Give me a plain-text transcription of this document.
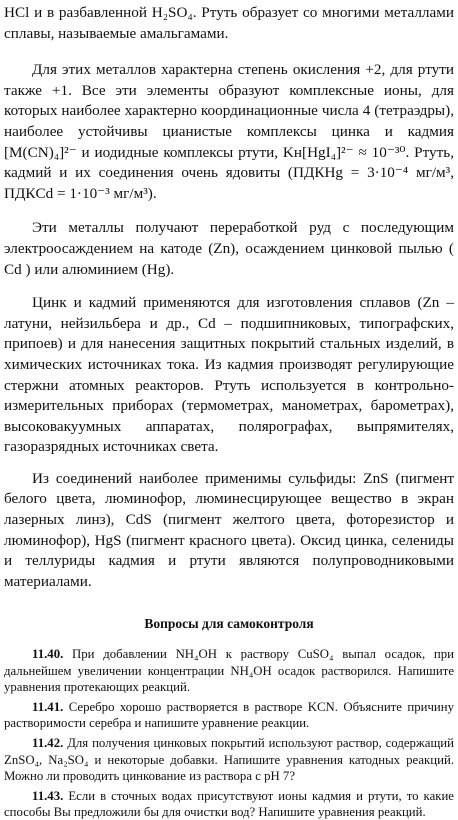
HCl и в разбавленной H₂SO₄. Ртуть образует со многими металлами сплавы, называемые амальгамами.

Для этих металлов характерна степень окисления +2, для ртути также +1. Все эти элементы образуют комплексные ионы, для которых наиболее характерно координационные числа 4 (тетраэдры), наиболее устойчивы цианистые комплексы цинка и кадмия [M(CN)₄]²⁻ и иодидные комплексы ртути, Kн[HgI₄]²⁻ ≈ 10⁻³⁰. Ртуть, кадмий и их соединения очень ядовиты (ПДКHg = 3·10⁻⁴ мг/м³, ПДКCd = 1·10⁻³ мг/м³).

Эти металлы получают переработкой руд с последующим электроосаждением на катоде (Zn), осаждением цинковой пылью ( Cd ) или алюминием (Hg).

Цинк и кадмий применяются для изготовления сплавов (Zn – латуни, нейзильбера и др., Cd – подшипниковых, типографских, припоев) и для нанесения защитных покрытий стальных изделий, в химических источниках тока. Из кадмия производят регулирующие стержни атомных реакторов. Ртуть используется в контрольно-измерительных приборах (термометрах, манометрах, барометрах), высоковакуумных аппаратах, полярографах, выпрямителях, газоразрядных источниках света.

Из соединений наиболее применимы сульфиды: ZnS (пигмент белого цвета, люминофор, люминесцирующее вещество в экран лазерных линз), CdS (пигмент желтого цвета, фоторезистор и люминофор), HgS (пигмент красного цвета). Оксид цинка, селениды и теллуриды кадмия и ртути являются полупроводниковыми материалами.

Вопросы для самоконтроля

11.40. При добавлении NH₄OH к раствору CuSO₄ выпал осадок, при дальнейшем увеличении концентрации NH₄OH осадок растворился. Напишите уравнения протекающих реакций.

11.41. Серебро хорошо растворяется в растворе KCN. Объясните причину растворимости серебра и напишите уравнение реакции.

11.42. Для получения цинковых покрытий используют раствор, содержащий ZnSO₄, Na₂SO₄ и некоторые добавки. Напишите уравнения катодных реакций. Можно ли проводить цинкование из раствора с pH 7?

11.43. Если в сточных водах присутствуют ионы кадмия и ртути, то какие способы Вы предложили бы для очистки вод? Напишите уравнения реакций.
